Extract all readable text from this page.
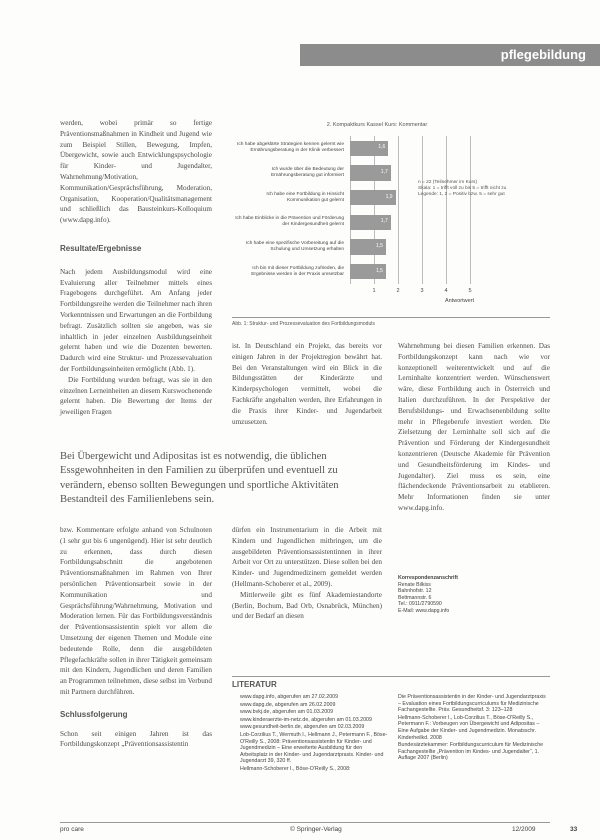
pflegebildung

werden, wobei primär so fertige Präventionsmaßnahmen in Kindheit und Jugend wie zum Beispiel Stillen, Bewegung, Impfen, Übergewicht, sowie auch Entwicklungspsychologie für Kinder- und Jugendalter, Wahrnehmung/Motivation, Kommunikation/Gesprächsführung, Moderation, Organisation, Kooperation/Qualitätsmanagement und schließlich das Bausteinkurs-Kolloquium (www.dapg.info).

Resultate/Ergebnisse

Nach jedem Ausbildungsmodul wird eine Evaluierung aller Teilnehmer mittels eines Fragebogens durchgeführt. Am Anfang jeder Fortbildungsreihe werden die Teilnehmer nach ihren Vorkenntnissen und Erwartungen an die Fortbildung befragt. Zusätzlich sollten sie angeben, was sie inhaltlich in jeder einzelnen Ausbildungseinheit gelernt haben und wie die Dozenten bewerten. Dadurch wird eine Struktur- und Prozessevaluation der Fortbildungseinheiten ermöglicht (Abb. 1).

Die Fortbildung wurden befragt, was sie in den einzelnen Lerneinheiten an diesem Kurswochenende gelernt haben. Die Bewertung der Items der jeweiligen Fragen

2. Kompaktkurs Kassel Kurs: Kommentar
1,6
1,7
1,9
1,7
1,5
1,5
Ich habe abgeklärte Strategien kennen gelernt wie Ernährungsberatung in der Klinik verbessert
Ich wurde über die Bedeutung der Ernährungsberatung gut informiert
Ich habe eine Fortbildung in Hinsicht Kommunikation gut gelernt
Ich habe Einblicke in die Prävention und Förderung der Kindergesundheit gelernt
Ich habe eine spezifische Vorbereitung auf die Schulung und Umsetzung erhalten
Ich bin mit dieser Fortbildung zufrieden, die Ergebnisse werden in der Praxis umsetzbar
1	2	3	4	5
Antwortwert
n = 22 (Teilnehmer im Kurs)
Skala: 1 = trifft voll zu bis 5 = trifft nicht zu
Legende: 1, 2 = Positiv bzw. 5 = sehr gut
Abb. 1: Struktur- und Prozessevaluation des Fortbildungsmoduls

ist. In Deutschland ein Projekt, das bereits vor einigen Jahren in der Projektregion bewährt hat. Bei den Veranstaltungen wird ein Blick in die Bildungsstätten der Kinderärzte und Kinderpsychologen vermittelt, wobei die Fachkräfte angehalten werden, ihre Erfahrungen in die Praxis ihrer Kinder- und Jugendarbeit umzusetzen.

Wahrnehmung bei diesen Familien erkennen. Das Fortbildungskonzept kann nach wie vor konzeptionell weiterentwickelt und auf die Lerninhalte konzentriert werden. Wünschenswert wäre, diese Fortbildung auch in Österreich und Italien durchzuführen. In der Perspektive der Berufsbildungs- und Erwachsenenbildung sollte mehr in Pflegeberufe investiert werden. Die Zielsetzung der Lerninhalte soll sich auf die Prävention und Förderung der Kindergesundheit konzentrieren (Deutsche Akademie für Prävention und Gesundheitsförderung im Kindes- und Jugendalter). Ziel muss es sein, eine flächendeckende Präventionsarbeit zu etablieren. Mehr Informationen finden sie unter www.dapg.info.

Bei Übergewicht und Adipositas ist es notwendig, die üblichen Essgewohnheiten in den Familien zu überprüfen und eventuell zu verändern, ebenso sollten Bewegungen und sportliche Aktivitäten Bestandteil des Familienlebens sein.

bzw. Kommentare erfolgte anhand von Schulnoten (1 sehr gut bis 6 ungenügend). Hier ist sehr deutlich zu erkennen, dass durch diesen Fortbildungsabschnitt die angebotenen Präventionsmaßnahmen im Rahmen von Ihrer persönlichen Präventionsarbeit sowie in der Kommunikation und Gesprächsführung/Wahrnehmung, Motivation und Moderation lernen. Für das Fortbildungsverständnis der Präventionsassistentin spielt vor allem die Umsetzung der eigenen Themen und Module eine bedeutende Rolle, denn die ausgebildeten Pflegefachkräfte sollen in ihrer Tätigkeit gemeinsam mit den Kindern, Jugendlichen und deren Familien an Programmen teilnehmen, diese selbst im Verbund mit Partnern durchführen.

Schlussfolgerung

Schon seit einigen Jahren ist das Fortbildungskonzept „Präventionsassistentin

dürfen ein Instrumentarium in die Arbeit mit Kindern und Jugendlichen mitbringen, um die ausgebildeten Präventionsassistentinnen in ihrer Arbeit vor Ort zu unterstützen. Diese sollen bei den Kinder- und Jugendmedizinern gemeldet werden (Hellmann-Schoberer et al., 2009).

Mittlerweile gibt es fünf Akademiestandorte (Berlin, Bochum, Bad Orb, Osnabrück, München) und der Bedarf an diesen

Korrespondenzanschrift
Renate Bilkiss
Bahnhofstr. 12
Bettmannstr. 6
Tel.: 0911/2790590
E-Mail: www.dapg.info
LITERATUR

www.dapg.info, abgerufen am 27.02.2009

www.dapg.de, abgerufen am 26.02.2009

www.bvkj.de, abgerufen am 01.03.2009

www.kinderaerzte-im-netz.de, abgerufen am 01.03.2009

www.gesundheit-berlin.de, abgerufen am 02.03.2009

Lob-Corzilius T., Wermuth I., Hellmann J., Petermann F., Böse-O'Reilly S., 2008: Präventionsassistentin für Kinder- und Jugendmedizin – Eine erweiterte Ausbildung für den Arbeitsplatz in der Kinder- und Jugendarztpraxis. Kinder- und Jugendarzt 39, 320 ff.

Hellmann-Schoberer I., Böse-O'Reilly S., 2008:

Die Präventionsassistentin in der Kinder- und Jugendarztpraxis – Evaluation eines Fortbildungscurriculums für Medizinische Fachangestellte. Präv. Gesundheitsf. 3: 123–128

Hellmann-Schoberer I., Lob-Corzilius T., Böse-O'Reilly S., Petermann F.: Vorbeugen von Übergewicht und Adipositas – Eine Aufgabe der Kinder- und Jugendmedizin. Monatsschr. Kinderheilkd. 2008

Bundesärztekammer: Fortbildungscurriculum für Medizinische Fachangestellte „Prävention im Kindes- und Jugendalter“, 1. Auflage 2007 (Berlin)

pro care	© Springer-Verlag	12/2009	33
